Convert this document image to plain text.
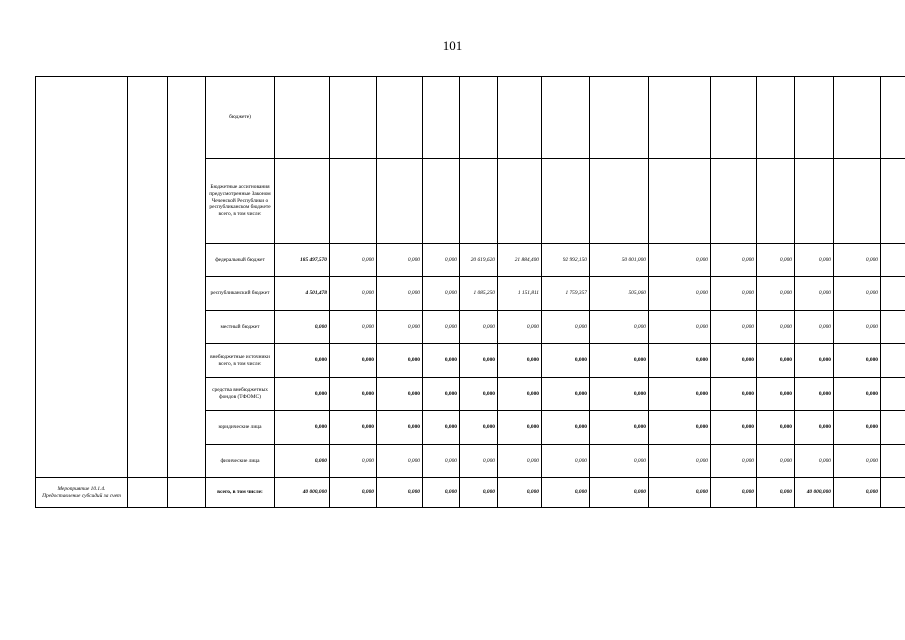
101
			бюджете)														
			Бюджетные ассигнования предусмотренные Законом Чеченской Республики о республиканском бюджете всего, в том числе:														
			федеральный бюджет	185 497,570	0,000	0,000	0,000	20 619,620	21 884,400	92 992,150	50 001,000	0,000	0,000	0,000	0,000	0,000	
			республиканский бюджет	4 501,478	0,000	0,000	0,000	1 085,250	1 151,811	1 759,357	505,060	0,000	0,000	0,000	0,000	0,000	
			местный бюджет	0,000	0,000	0,000	0,000	0,000	0,000	0,000	0,000	0,000	0,000	0,000	0,000	0,000	
			внебюджетные источники всего, в том числе:	0,000	0,000	0,000	0,000	0,000	0,000	0,000	0,000	0,000	0,000	0,000	0,000	0,000	
			средства внебюджетных фондов (ТФОМС)	0,000	0,000	0,000	0,000	0,000	0,000	0,000	0,000	0,000	0,000	0,000	0,000	0,000	
			юридические лица	0,000	0,000	0,000	0,000	0,000	0,000	0,000	0,000	0,000	0,000	0,000	0,000	0,000	
			физические лица	0,000	0,000	0,000	0,000	0,000	0,000	0,000	0,000	0,000	0,000	0,000	0,000	0,000	
Мероприятие 10.1.4. Предоставление субсидий за счет			всего, в том числе:	40 000,000	0,000	0,000	0,000	0,000	0,000	0,000	0,000	0,000	0,000	0,000	40 000,000	0,000	
